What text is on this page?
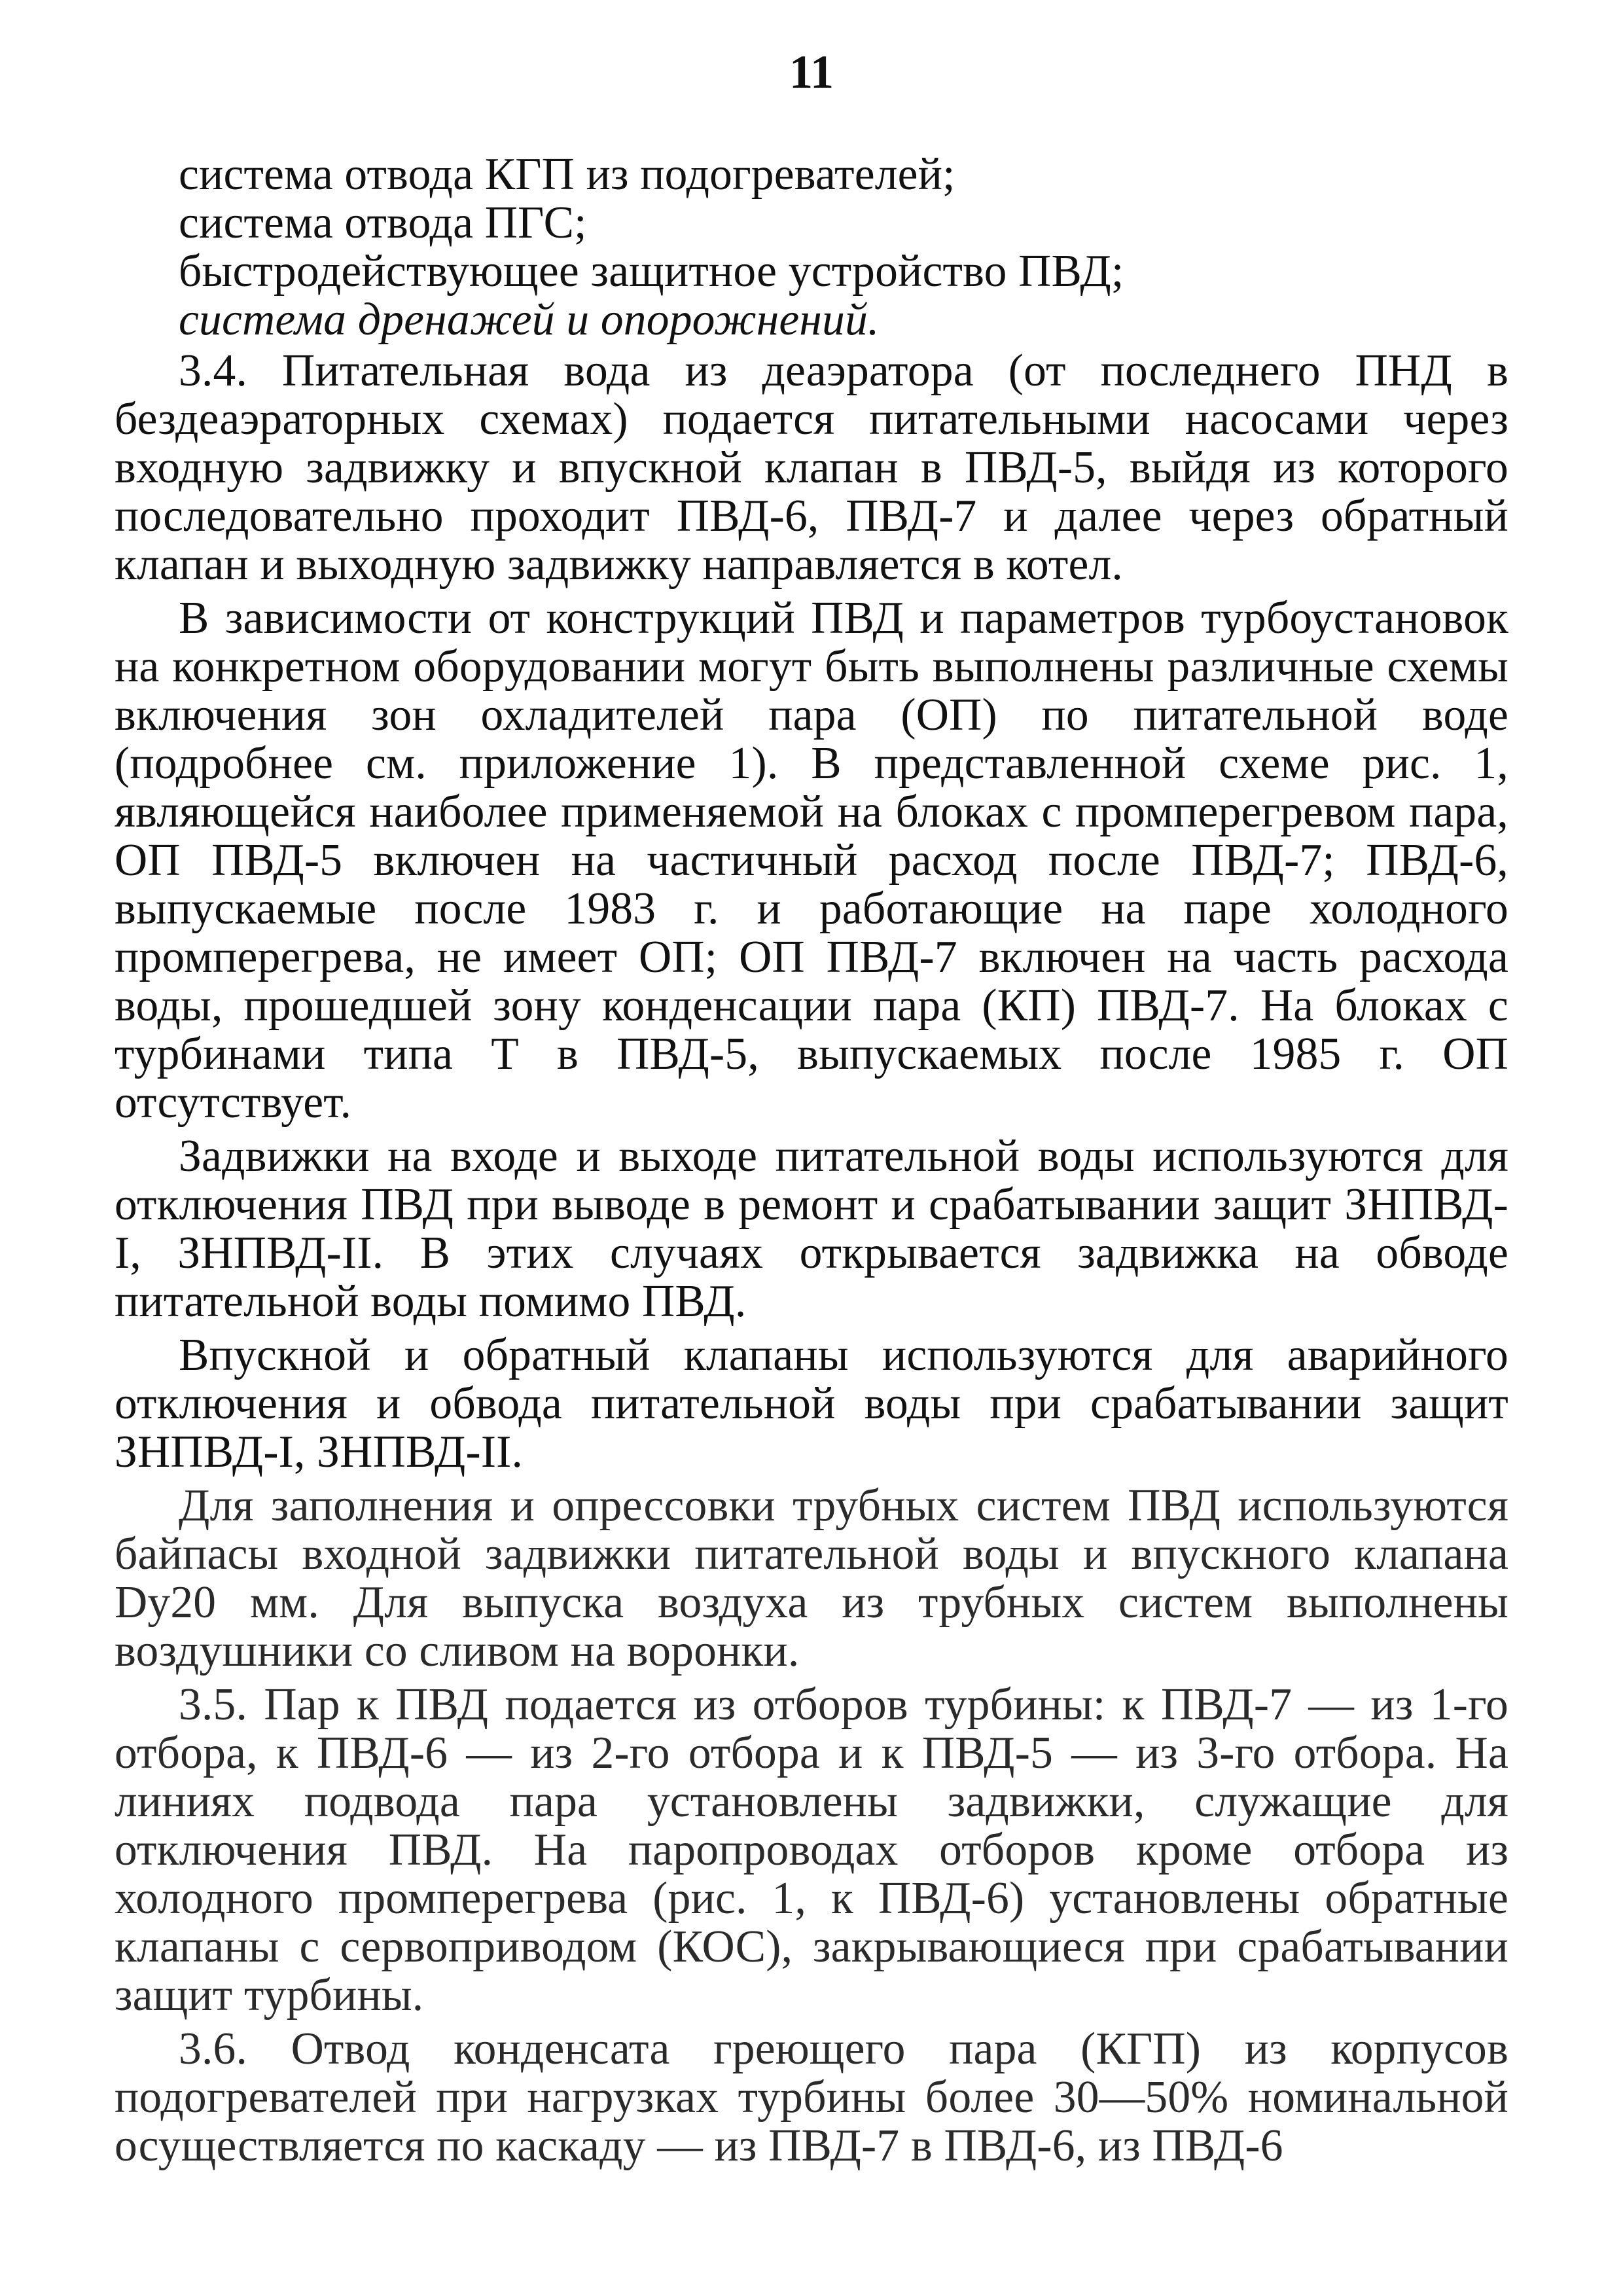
11
система отвода КГП из подогревателей;
система отвода ПГС;
быстродействующее защитное устройство ПВД;
система дренажей и опорожнений.

3.4. Питательная вода из деаэратора (от последнего ПНД в бездеаэраторных схемах) подается питательными насосами через входную задвижку и впускной клапан в ПВД-5, выйдя из которого последовательно проходит ПВД-6, ПВД-7 и далее через обратный клапан и выходную задвижку направляется в котел.

В зависимости от конструкций ПВД и параметров турбоустановок на конкретном оборудовании могут быть выполнены различные схемы включения зон охладителей пара (ОП) по питательной воде (подробнее см. приложение 1). В представленной схеме рис. 1, являющейся наиболее применяемой на блоках с промперегревом пара, ОП ПВД-5 включен на частичный расход после ПВД-7; ПВД-6, выпускаемые после 1983 г. и работающие на паре холодного промперегрева, не имеет ОП; ОП ПВД-7 включен на часть расхода воды, прошедшей зону конденсации пара (КП) ПВД-7. На блоках с турбинами типа Т в ПВД-5, выпускаемых после 1985 г. ОП отсутствует.

Задвижки на входе и выходе питательной воды используются для отключения ПВД при выводе в ремонт и срабатывании защит ЗНПВД-I, ЗНПВД-II. В этих случаях открывается задвижка на обводе питательной воды помимо ПВД.

Впускной и обратный клапаны используются для аварийного отключения и обвода питательной воды при срабатывании защит ЗНПВД-I, ЗНПВД-II.

Для заполнения и опрессовки трубных систем ПВД используются байпасы входной задвижки питательной воды и впускного клапана Dу20 мм. Для выпуска воздуха из трубных систем выполнены воздушники со сливом на воронки.

3.5. Пар к ПВД подается из отборов турбины: к ПВД-7 — из 1-го отбора, к ПВД-6 — из 2-го отбора и к ПВД-5 — из 3-го отбора. На линиях подвода пара установлены задвижки, служащие для отключения ПВД. На паропроводах отборов кроме отбора из холодного промперегрева (рис. 1, к ПВД-6) установлены обратные клапаны с сервоприводом (КОС), закрывающиеся при срабатывании защит турбины.

3.6. Отвод конденсата греющего пара (КГП) из корпусов подогревателей при нагрузках турбины более 30—50% номинальной осуществляется по каскаду — из ПВД-7 в ПВД-6, из ПВД-6
